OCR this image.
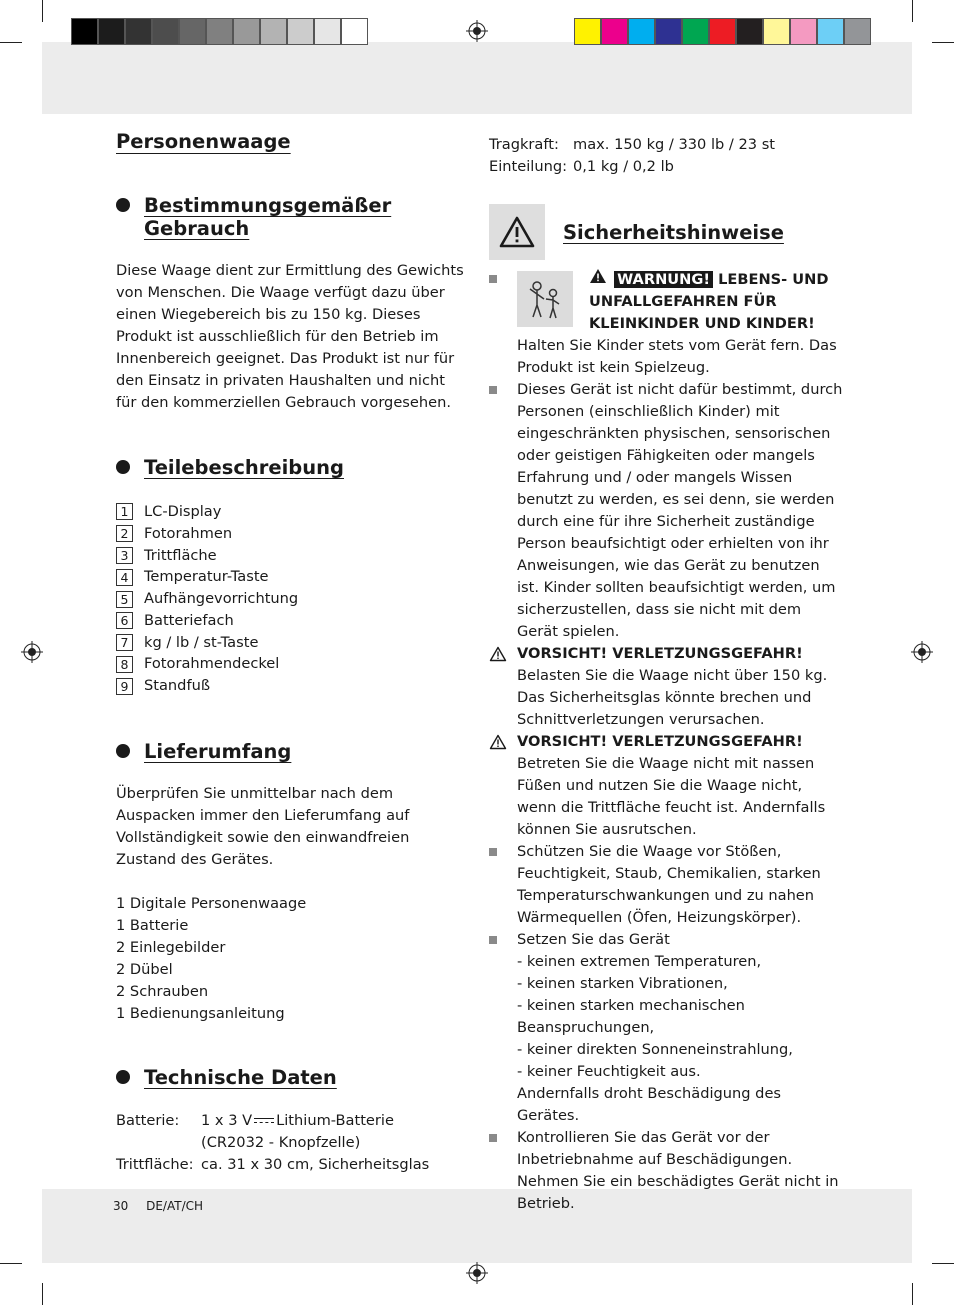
Personenwaage
Bestimmungsgemäßer Gebrauch

Diese Waage dient zur Ermittlung des Gewichts von Menschen. Die Waage verfügt dazu über einen Wiegebereich bis zu 150 kg. Dieses Produkt ist ausschließlich für den Betrieb im Innenbereich geeignet. Das Produkt ist nur für den Einsatz in privaten Haushalten und nicht für den kommerziellen Gebrauch vorgesehen.

Teilebeschreibung
1	LC-Display
2	Fotorahmen
3	Trittfläche
4	Temperatur-Taste
5	Aufhängevorrichtung
6	Batteriefach
7	kg / lb / st-Taste
8	Fotorahmendeckel
9	Standfuß
Lieferumfang

Überprüfen Sie unmittelbar nach dem Auspacken immer den Lieferumfang auf Vollständigkeit sowie den einwandfreien Zustand des Gerätes.

1 Digitale Personenwaage
1 Batterie
2 Einlegebilder
2 Dübel
2 Schrauben
1 Bedienungsanleitung
Technische Daten
Batterie:	1 x 3 V Lithium-Batterie
(CR2032 - Knopfzelle)
Trittfläche: ca. 31 x 30 cm, Sicherheitsglas
Tragkraft: max. 150 kg / 330 lb / 23 st
Einteilung: 0,1 kg / 0,2 lb
Sicherheitshinweise
WARNUNG! LEBENS- UND UNFALLGEFAHREN FÜR KLEINKINDER UND KINDER!

Halten Sie Kinder stets vom Gerät fern. Das Produkt ist kein Spielzeug.

Dieses Gerät ist nicht dafür bestimmt, durch Personen (einschließlich Kinder) mit eingeschränkten physischen, sensorischen oder geistigen Fähigkeiten oder mangels Erfahrung und / oder mangels Wissen benutzt zu werden, es sei denn, sie werden durch eine für ihre Sicherheit zuständige Person beaufsichtigt oder erhielten von ihr Anweisungen, wie das Gerät zu benutzen ist. Kinder sollten beaufsichtigt werden, um sicherzustellen, dass sie nicht mit dem Gerät spielen.

VORSICHT! VERLETZUNGSGEFAHR!

Belasten Sie die Waage nicht über 150 kg. Das Sicherheitsglas könnte brechen und Schnittverletzungen verursachen.

VORSICHT! VERLETZUNGSGEFAHR!

Betreten Sie die Waage nicht mit nassen Füßen und nutzen Sie die Waage nicht, wenn die Trittfläche feucht ist. Andernfalls können Sie ausrutschen.

Schützen Sie die Waage vor Stößen, Feuchtigkeit, Staub, Chemikalien, starken Temperaturschwankungen und zu nahen Wärmequellen (Öfen, Heizungskörper).

Setzen Sie das Gerät
- keinen extremen Temperaturen,
- keinen starken Vibrationen,
- keinen starken mechanischen Beanspruchungen,
- keiner direkten Sonneneinstrahlung,
- keiner Feuchtigkeit aus.
Andernfalls droht Beschädigung des Gerätes.

Kontrollieren Sie das Gerät vor der Inbetriebnahme auf Beschädigungen. Nehmen Sie ein beschädigtes Gerät nicht in Betrieb.

30 DE/AT/CH
